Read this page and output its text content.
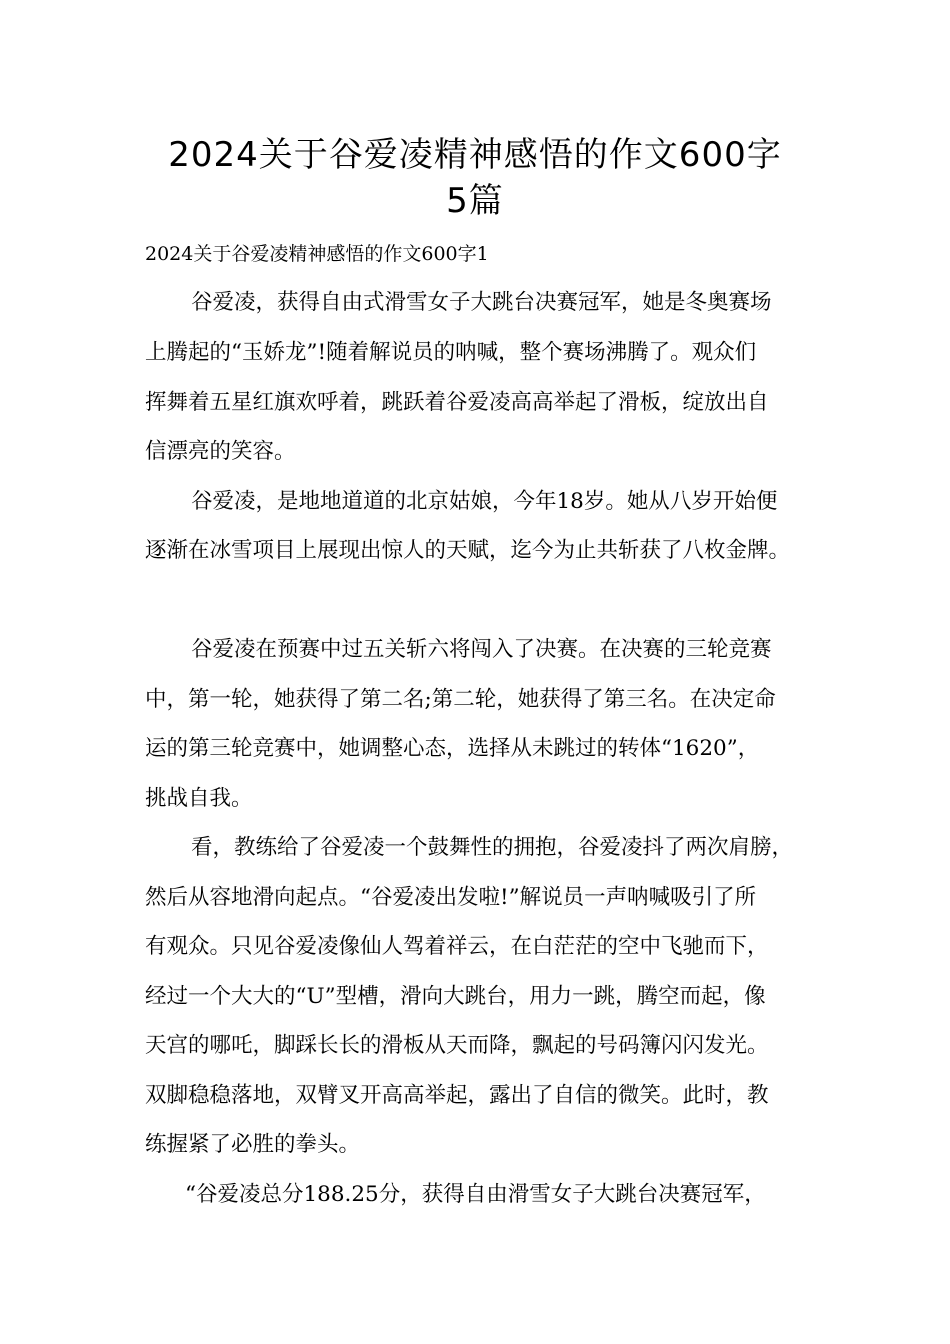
2024关于谷爱凌精神感悟的作文600字
5篇

2024关于谷爱凌精神感悟的作文600字1

谷爱凌，获得自由式滑雪女子大跳台决赛冠军，她是冬奥赛场

上腾起的“玉娇龙”!随着解说员的呐喊，整个赛场沸腾了。观众们

挥舞着五星红旗欢呼着，跳跃着谷爱凌高高举起了滑板，绽放出自

信漂亮的笑容。

谷爱凌，是地地道道的北京姑娘，今年18岁。她从八岁开始便

逐渐在冰雪项目上展现出惊人的天赋，迄今为止共斩获了八枚金牌。

谷爱凌在预赛中过五关斩六将闯入了决赛。在决赛的三轮竞赛

中，第一轮，她获得了第二名;第二轮，她获得了第三名。在决定命

运的第三轮竞赛中，她调整心态，选择从未跳过的转体“1620”，

挑战自我。

看，教练给了谷爱凌一个鼓舞性的拥抱，谷爱凌抖了两次肩膀，

然后从容地滑向起点。“谷爱凌出发啦!”解说员一声呐喊吸引了所

有观众。只见谷爱凌像仙人驾着祥云，在白茫茫的空中飞驰而下，

经过一个大大的“U”型槽，滑向大跳台，用力一跳，腾空而起，像

天宫的哪吒，脚踩长长的滑板从天而降，飘起的号码簿闪闪发光。

双脚稳稳落地，双臂叉开高高举起，露出了自信的微笑。此时，教

练握紧了必胜的拳头。

“谷爱凌总分188.25分，获得自由滑雪女子大跳台决赛冠军，
